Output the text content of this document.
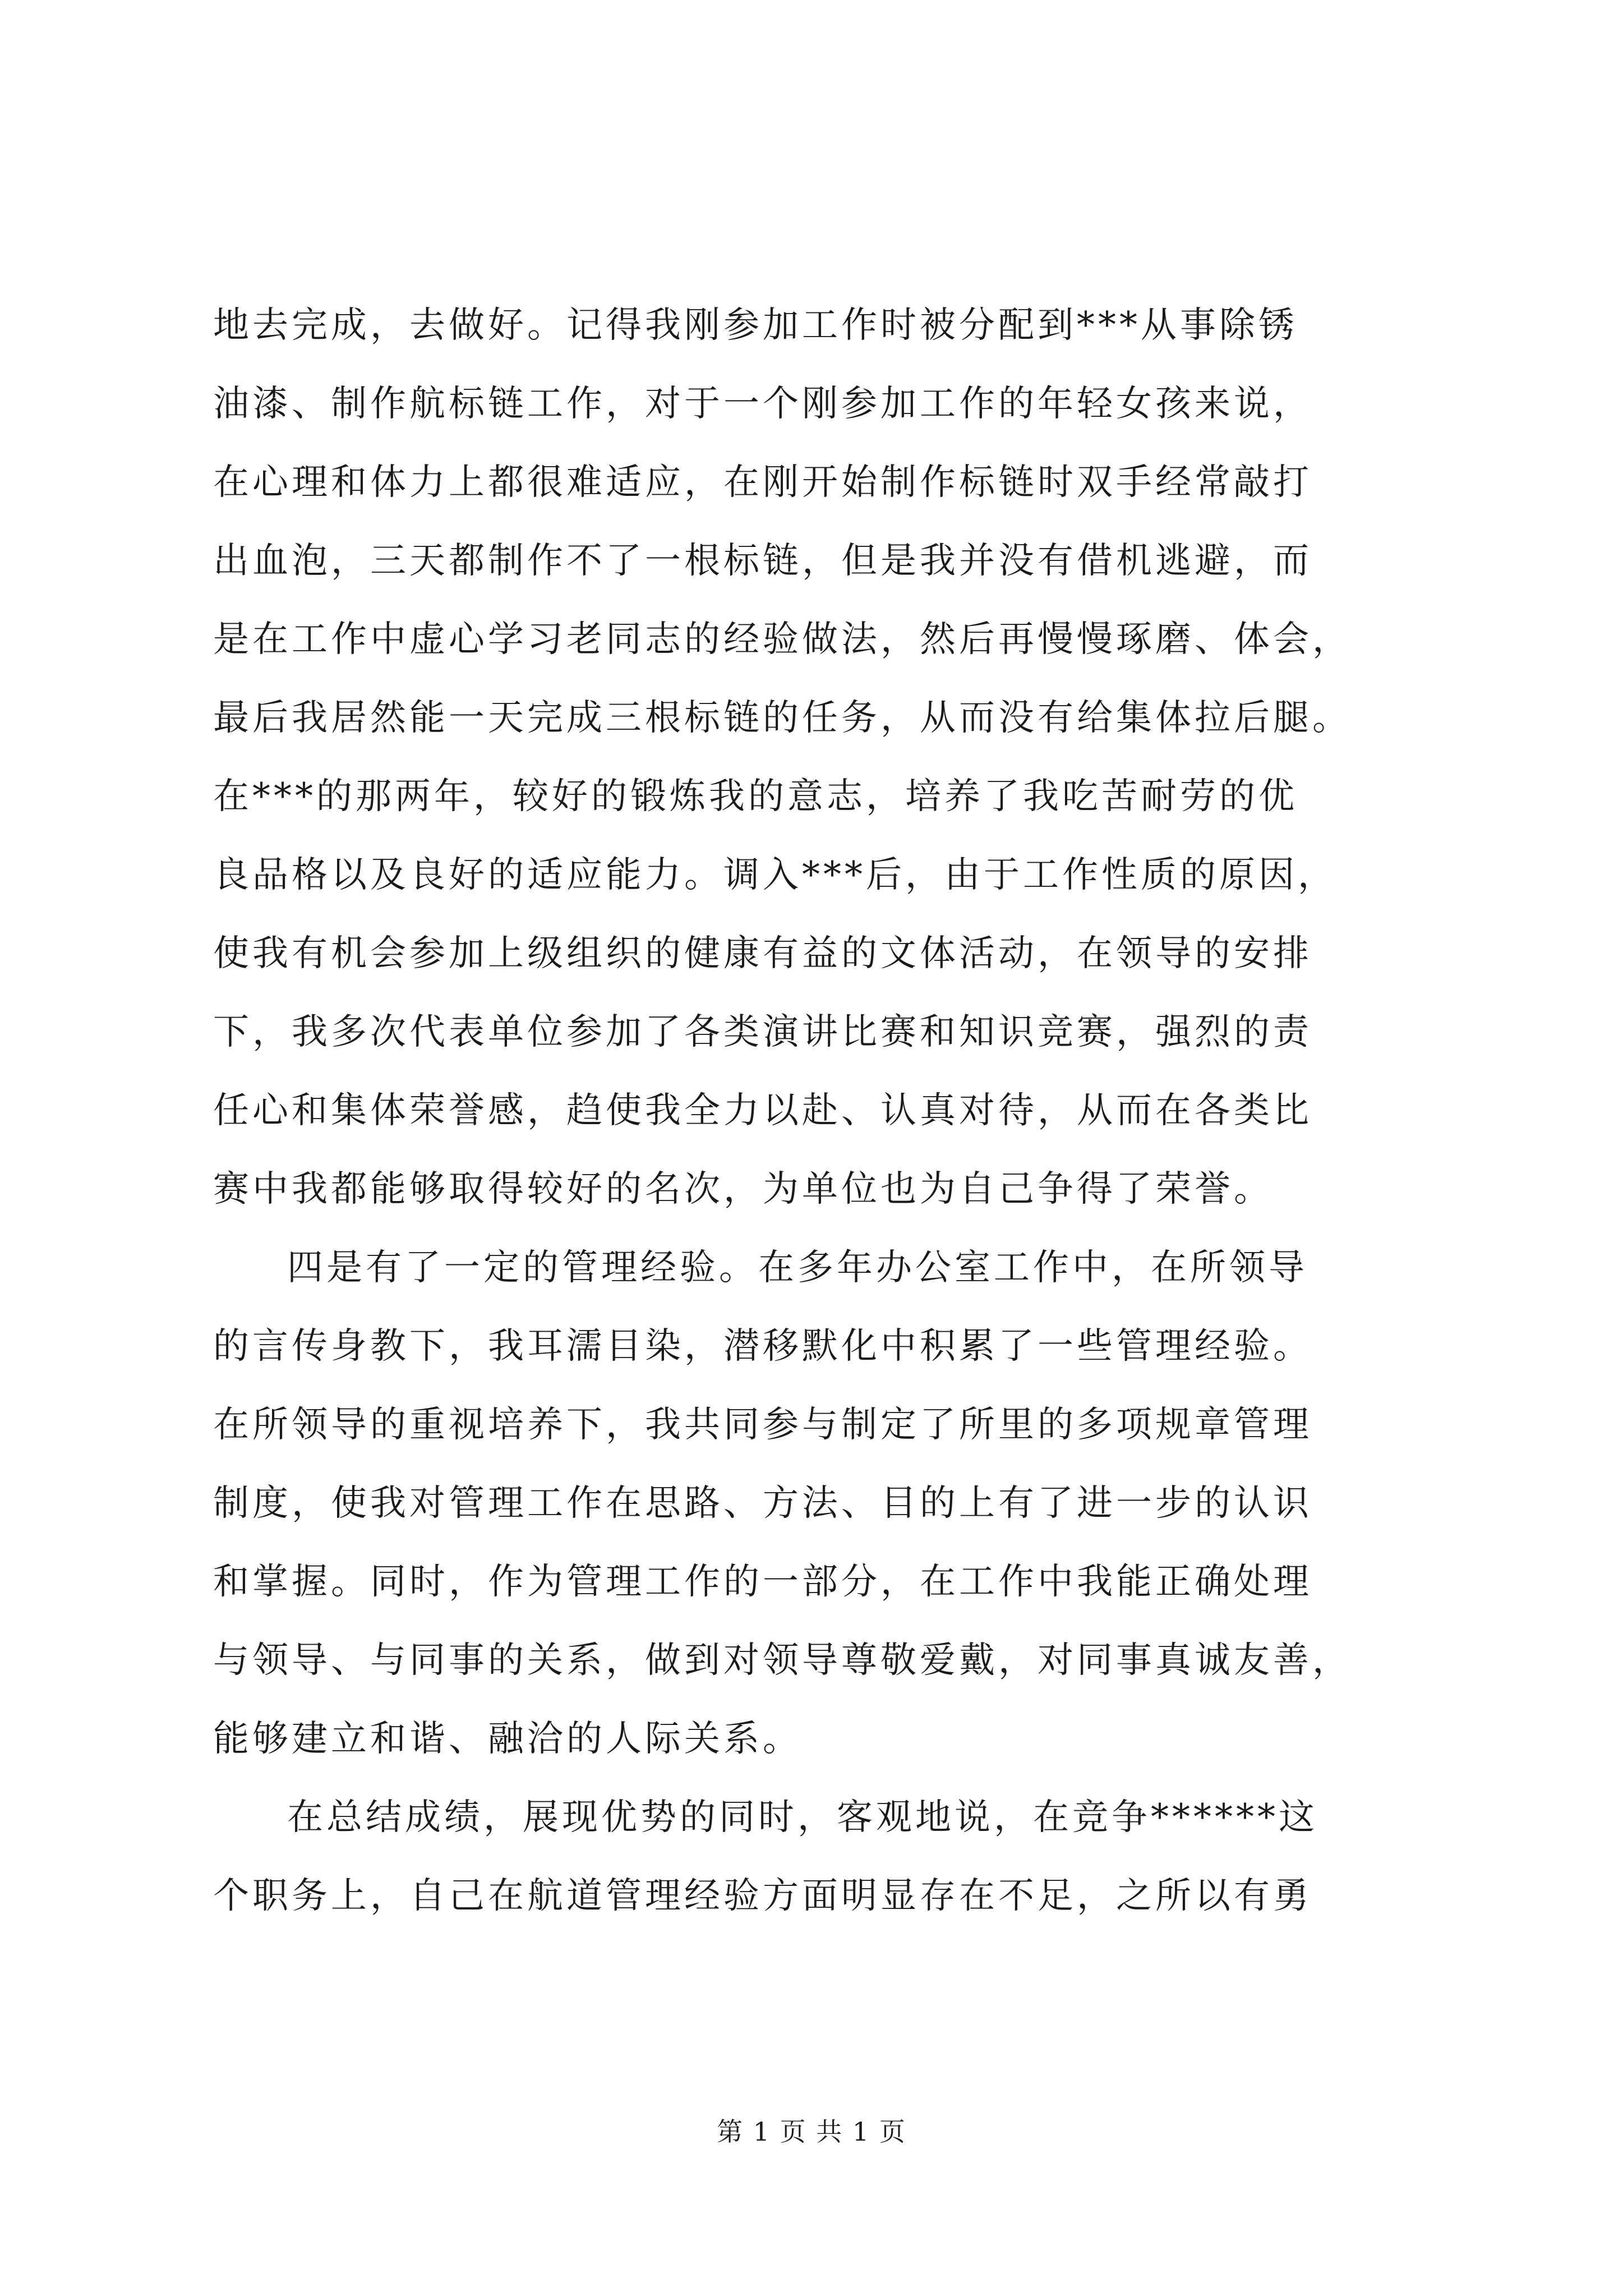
地去完成，去做好。记得我刚参加工作时被分配到***从事除锈
油漆、制作航标链工作，对于一个刚参加工作的年轻女孩来说，
在心理和体力上都很难适应，在刚开始制作标链时双手经常敲打
出血泡，三天都制作不了一根标链，但是我并没有借机逃避，而
是在工作中虚心学习老同志的经验做法，然后再慢慢琢磨、体会，
最后我居然能一天完成三根标链的任务，从而没有给集体拉后腿。
在***的那两年，较好的锻炼我的意志，培养了我吃苦耐劳的优
良品格以及良好的适应能力。调入***后，由于工作性质的原因，
使我有机会参加上级组织的健康有益的文体活动，在领导的安排
下，我多次代表单位参加了各类演讲比赛和知识竞赛，强烈的责
任心和集体荣誉感，趋使我全力以赴、认真对待，从而在各类比
赛中我都能够取得较好的名次，为单位也为自己争得了荣誉。
四是有了一定的管理经验。在多年办公室工作中，在所领导
的言传身教下，我耳濡目染，潜移默化中积累了一些管理经验。
在所领导的重视培养下，我共同参与制定了所里的多项规章管理
制度，使我对管理工作在思路、方法、目的上有了进一步的认识
和掌握。同时，作为管理工作的一部分，在工作中我能正确处理
与领导、与同事的关系，做到对领导尊敬爱戴，对同事真诚友善，
能够建立和谐、融洽的人际关系。
在总结成绩，展现优势的同时，客观地说，在竞争******这
个职务上，自己在航道管理经验方面明显存在不足，之所以有勇
第 1 页 共 1 页
